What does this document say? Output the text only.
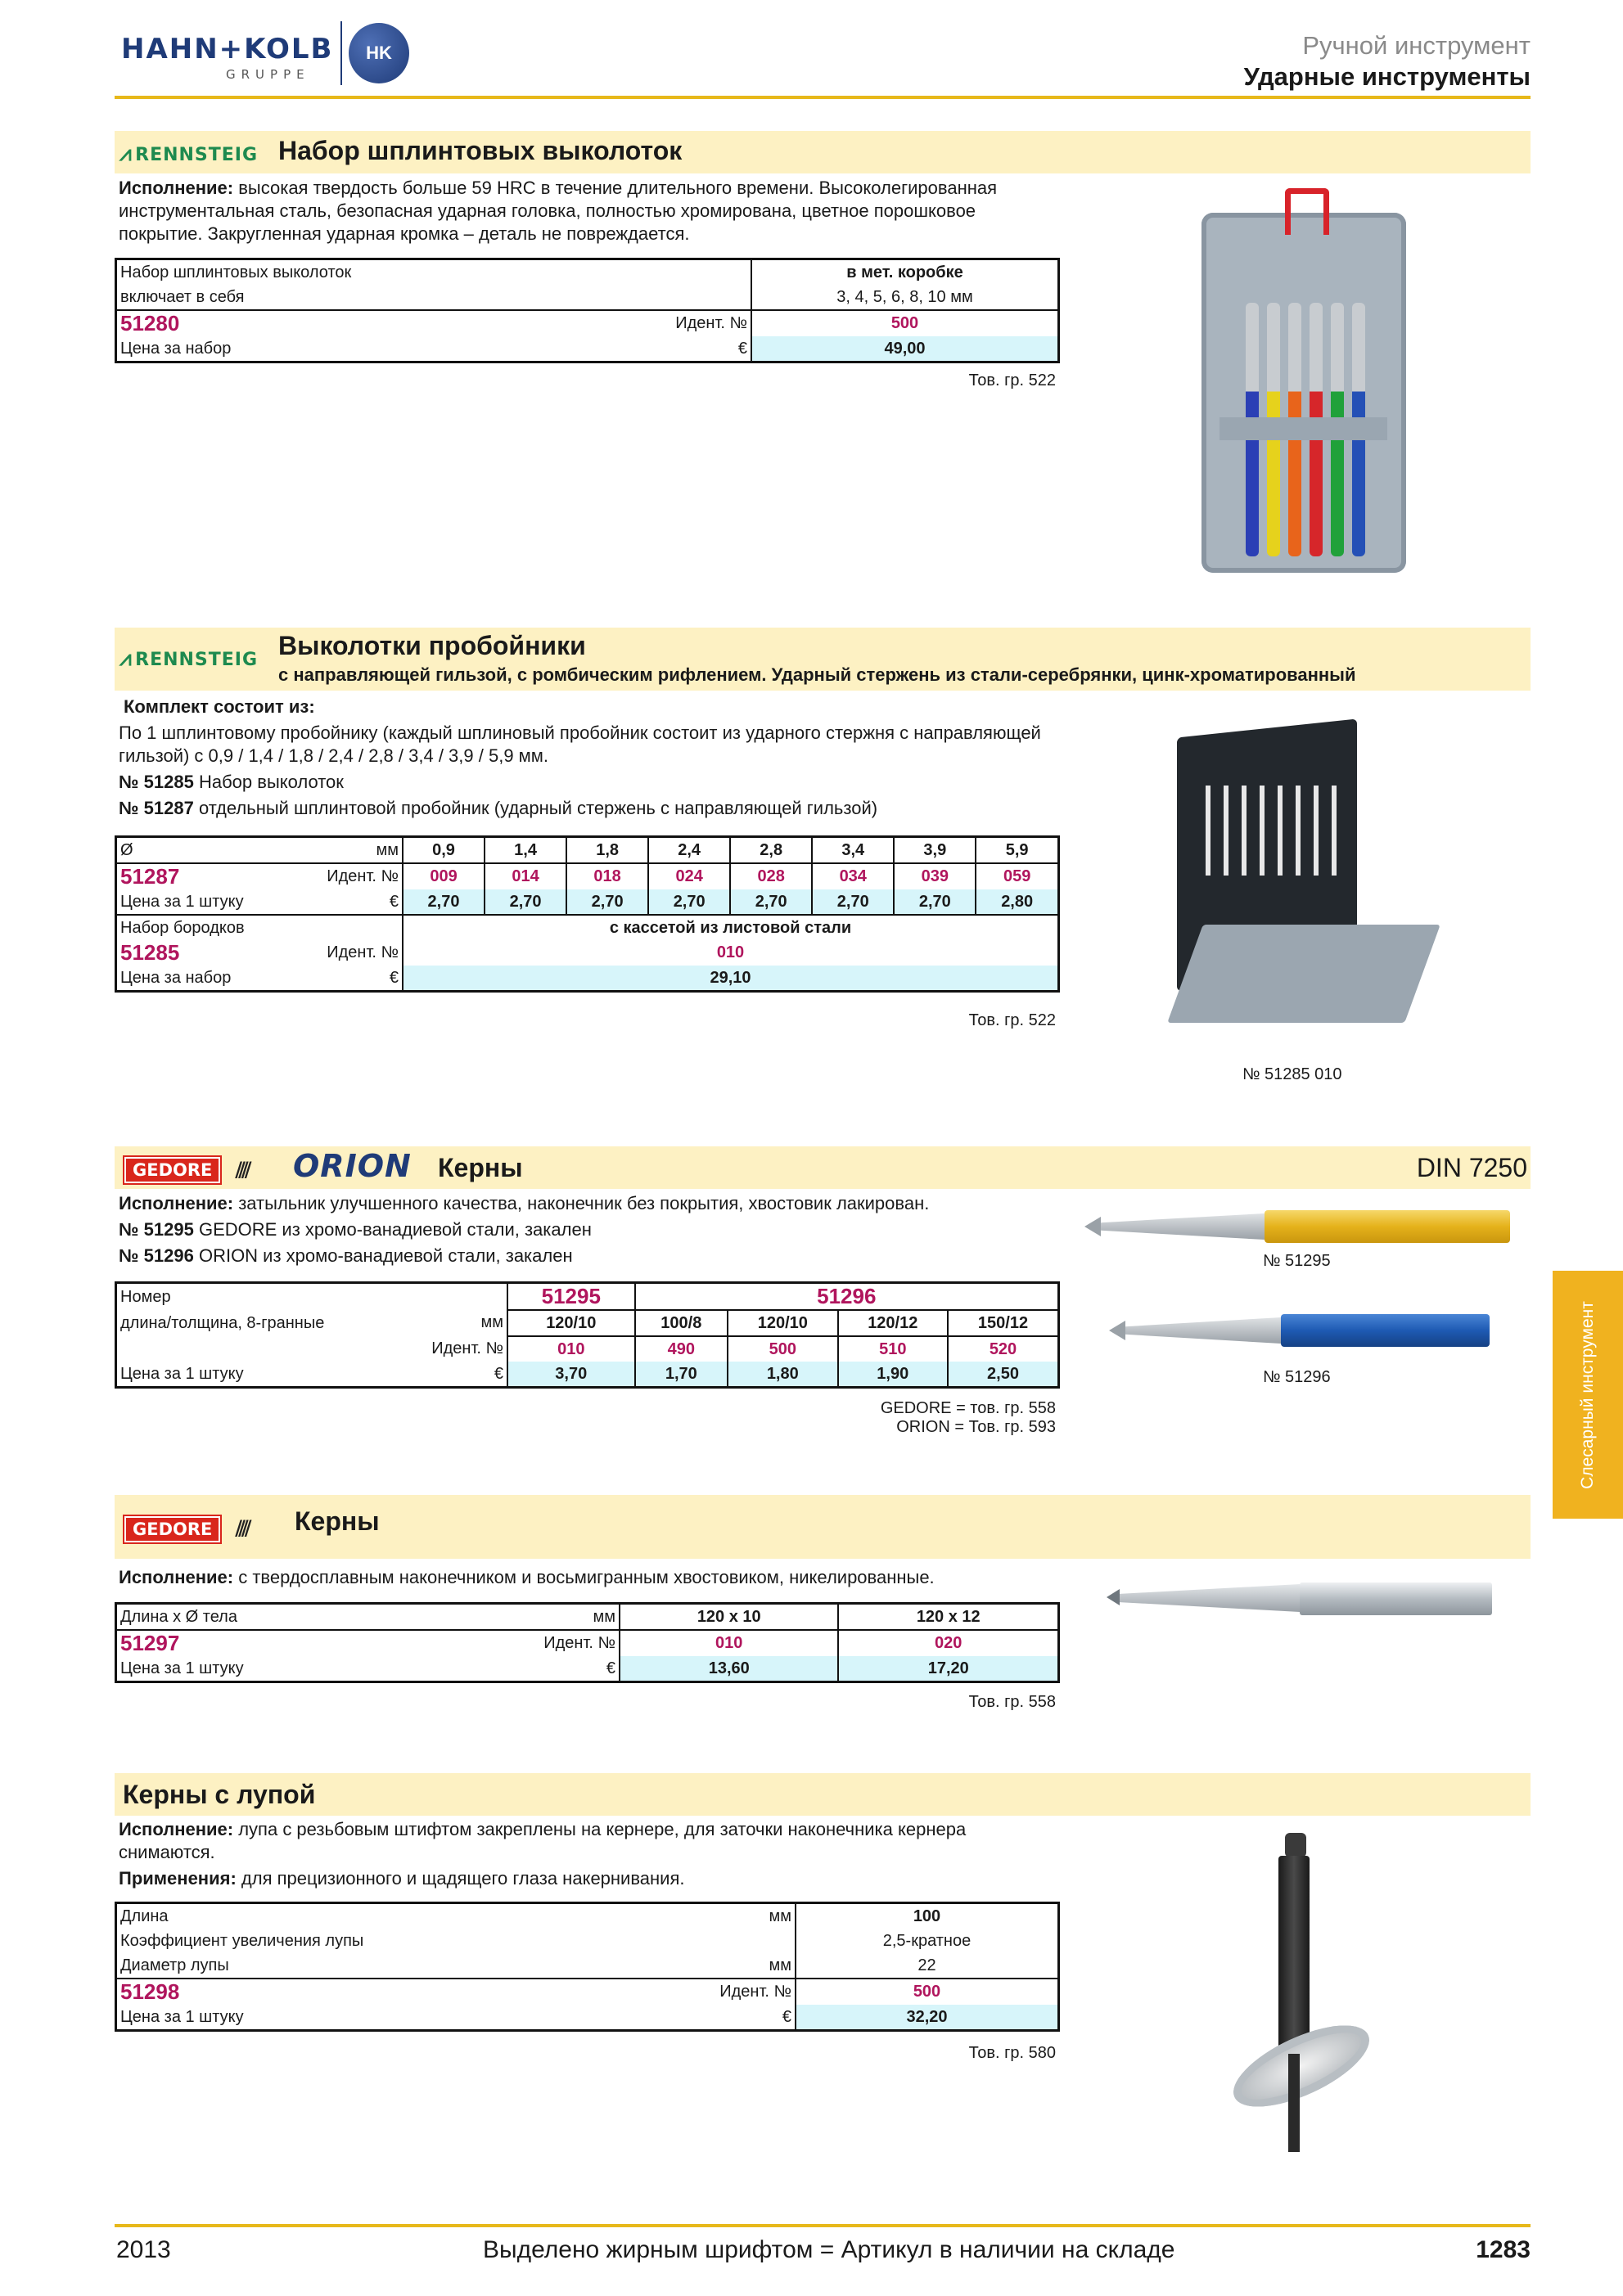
HAHN+KOLB
GRUPPE
HK	Ручной инструмент
Ударные инструменты
⩘ RENNSTEIG Набор шплинтовых выколоток
Исполнение: высокая твердость больше 59 HRC в течение длительного времени. Высоколегированная инструментальная сталь, безопасная ударная головка, полностью хромирована, цветное порошковое покрытие. Закругленная ударная кромка – деталь не повреждается.
Набор шплинтовых выколоток	в мет. коробке
включает в себя	3, 4, 5, 6, 8, 10 мм
51280 Идент. №	500
Цена за набор €	49,00
Тов. гр. 522
⩘ RENNSTEIG Выколотки пробойники
с направляющей гильзой, с ромбическим рифлением. Ударный стержень из стали-серебрянки, цинк-хроматированный
Комплект состоит из:
По 1 шплинтовому пробойнику (каждый шплиновый пробойник состоит из ударного стержня с направляющей гильзой) с 0,9 / 1,4 / 1,8 / 2,4 / 2,8 / 3,4 / 3,9 / 5,9 мм.
№ 51285 Набор выколоток
№ 51287 отдельный шплинтовой пробойник (ударный стержень с направляющей гильзой)
Ø мм	0,9	1,4	1,8	2,4	2,8	3,4	3,9	5,9
51287 Идент. №	009	014	018	024	028	034	039	059
Цена за 1 штуку €	2,70	2,70	2,70	2,70	2,70	2,70	2,70	2,80
Набор бородков	с кассетой из листовой стали							
51285 Идент. №	010							
Цена за набор €	29,10							
Тов. гр. 522
№ 51285 010
GEDORE	⫽⫽ ORION Керны	DIN 7250
Исполнение: затыльник улучшенного качества, наконечник без покрытия, хвостовик лакирован.
№ 51295 GEDORE из хромо-ванадиевой стали, закален
№ 51296 ORION из хромо-ванадиевой стали, закален
Номер	51295	51296			
длина/толщина, 8-гранные мм	120/10	100/8	120/10	120/12	150/12
Идент. №	010	490	500	510	520
Цена за 1 штуку €	3,70	1,70	1,80	1,90	2,50
GEDORE = тов. гр. 558
ORION = Тов. гр. 593
№ 51295
№ 51296
GEDORE	⫽⫽ Керны
Исполнение: с твердосплавным наконечником и восьмигранным хвостовиком, никелированные.
Длина x Ø тела мм	120 x 10	120 x 12
51297 Идент. №	010	020
Цена за 1 штуку €	13,60	17,20
Тов. гр. 558
Керны с лупой
Исполнение: лупа с резьбовым штифтом закреплены на кернере, для заточки наконечника кернера снимаются.
Применения: для прецизионного и щадящего глаза накернивания.
Длина мм	100
Коэффициент увеличения лупы	2,5-кратное
Диаметр лупы мм	22
51298 Идент. №	500
Цена за 1 штуку €	32,20
Тов. гр. 580
Слесарный инструмент
2013	Выделено жирным шрифтом = Артикул в наличии на складе	1283
